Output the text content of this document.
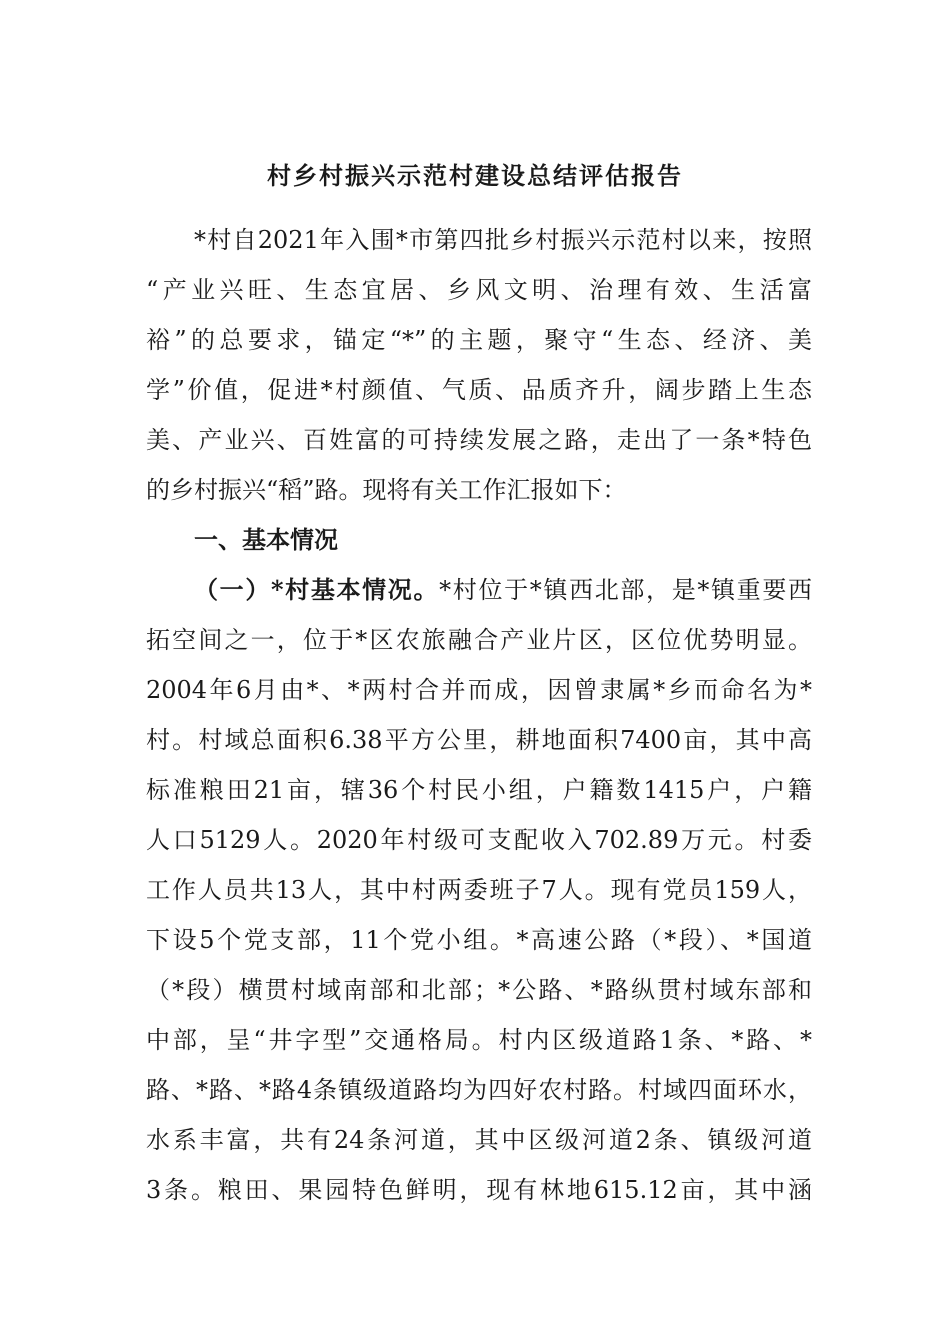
村乡村振兴示范村建设总结评估报告
*村自2021年入围*市第四批乡村振兴示范村以来，按照
“产业兴旺、生态宜居、乡风文明、治理有效、生活富
裕”的总要求，锚定“*”的主题，聚守“生态、经济、美
学”价值，促进*村颜值、气质、品质齐升，阔步踏上生态
美、产业兴、百姓富的可持续发展之路，走出了一条*特色
的乡村振兴“稻”路。现将有关工作汇报如下：
一、基本情况
（一）*村基本情况。*村位于*镇西北部，是*镇重要西
拓空间之一，位于*区农旅融合产业片区，区位优势明显。
2004年6月由*、*两村合并而成，因曾隶属*乡而命名为*
村。村域总面积6.38平方公里，耕地面积7400亩，其中高
标准粮田21亩，辖36个村民小组，户籍数1415户，户籍
人口5129人。2020年村级可支配收入702.89万元。村委
工作人员共13人，其中村两委班子7人。现有党员159人，
下设5个党支部，11个党小组。*高速公路（*段）、*国道
（*段）横贯村域南部和北部；*公路、*路纵贯村域东部和
中部，呈“井字型”交通格局。村内区级道路1条、*路、*
路、*路、*路4条镇级道路均为四好农村路。村域四面环水，
水系丰富，共有24条河道，其中区级河道2条、镇级河道
3条。粮田、果园特色鲜明，现有林地615.12亩，其中涵
